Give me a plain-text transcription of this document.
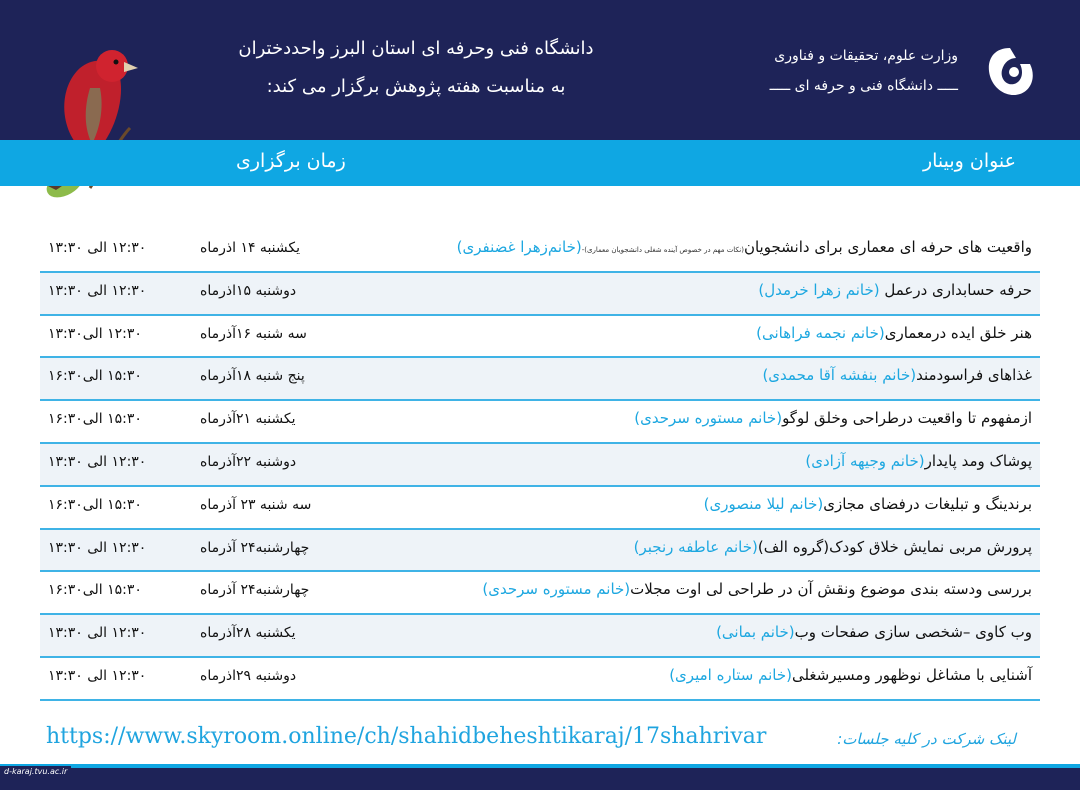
دانشگاه فنی وحرفه ای استان البرز واحددختران
به مناسبت هفته پژوهش برگزار می کند:
وزارت علوم، تحقیقات و فناوری
ـــــ دانشگاه فنی و حرفه ای ـــــ
عنوان وبینار
زمان برگزاری
واقعیت های حرفه ای معماری برای دانشجویان(نکات مهم در خصوص آینده شغلی دانشجویان معماری)-(خانم‌زهرا غضنفری)
یکشنبه ۱۴ اذرماه
۱۲:۳۰ الی ۱۳:۳۰
حرفه حسابداری درعمل (خانم زهرا خرمدل)
دوشنبه ۱۵اذرماه
۱۲:۳۰ الی ۱۳:۳۰
هنر خلق ایده درمعماری(خانم نجمه فراهانی)
سه شنبه ۱۶آذرماه
۱۲:۳۰ الی۱۳:۳۰
غذاهای فراسودمند(خانم بنفشه آقا محمدی)
پنج شنبه ۱۸آذرماه
۱۵:۳۰ الی۱۶:۳۰
ازمفهوم تا واقعیت درطراحی وخلق لوگو(خانم مستوره سرحدی)
یکشنبه ۲۱آذرماه
۱۵:۳۰ الی۱۶:۳۰
پوشاک ومد پایدار(خانم وجیهه آزادی)
دوشنبه ۲۲آذرماه
۱۲:۳۰ الی ۱۳:۳۰
برندینگ و تبلیغات درفضای مجازی(خانم لیلا منصوری)
سه شنبه ۲۳ آذرماه
۱۵:۳۰ الی۱۶:۳۰
پرورش مربی نمایش خلاق کودک(گروه الف)(خانم عاطفه رنجبر)
چهارشنبه۲۴ آذرماه
۱۲:۳۰ الی ۱۳:۳۰
بررسی ودسته بندی موضوع ونقش آن در طراحی لی اوت مجلات(خانم مستوره سرحدی)
چهارشنبه۲۴ آذرماه
۱۵:۳۰ الی۱۶:۳۰
وب کاوی –شخصی سازی صفحات وب(خانم بمانی)
یکشنبه ۲۸آذرماه
۱۲:۳۰ الی ۱۳:۳۰
آشنایی با مشاغل نوظهور ومسیرشغلی(خانم ستاره امیری)
دوشنبه ۲۹اذرماه
۱۲:۳۰ الی ۱۳:۳۰
لینک شرکت در کلیه جلسات:
https://www.skyroom.online/ch/shahidbeheshtikaraj/17shahrivar
d-karaj.tvu.ac.ir
